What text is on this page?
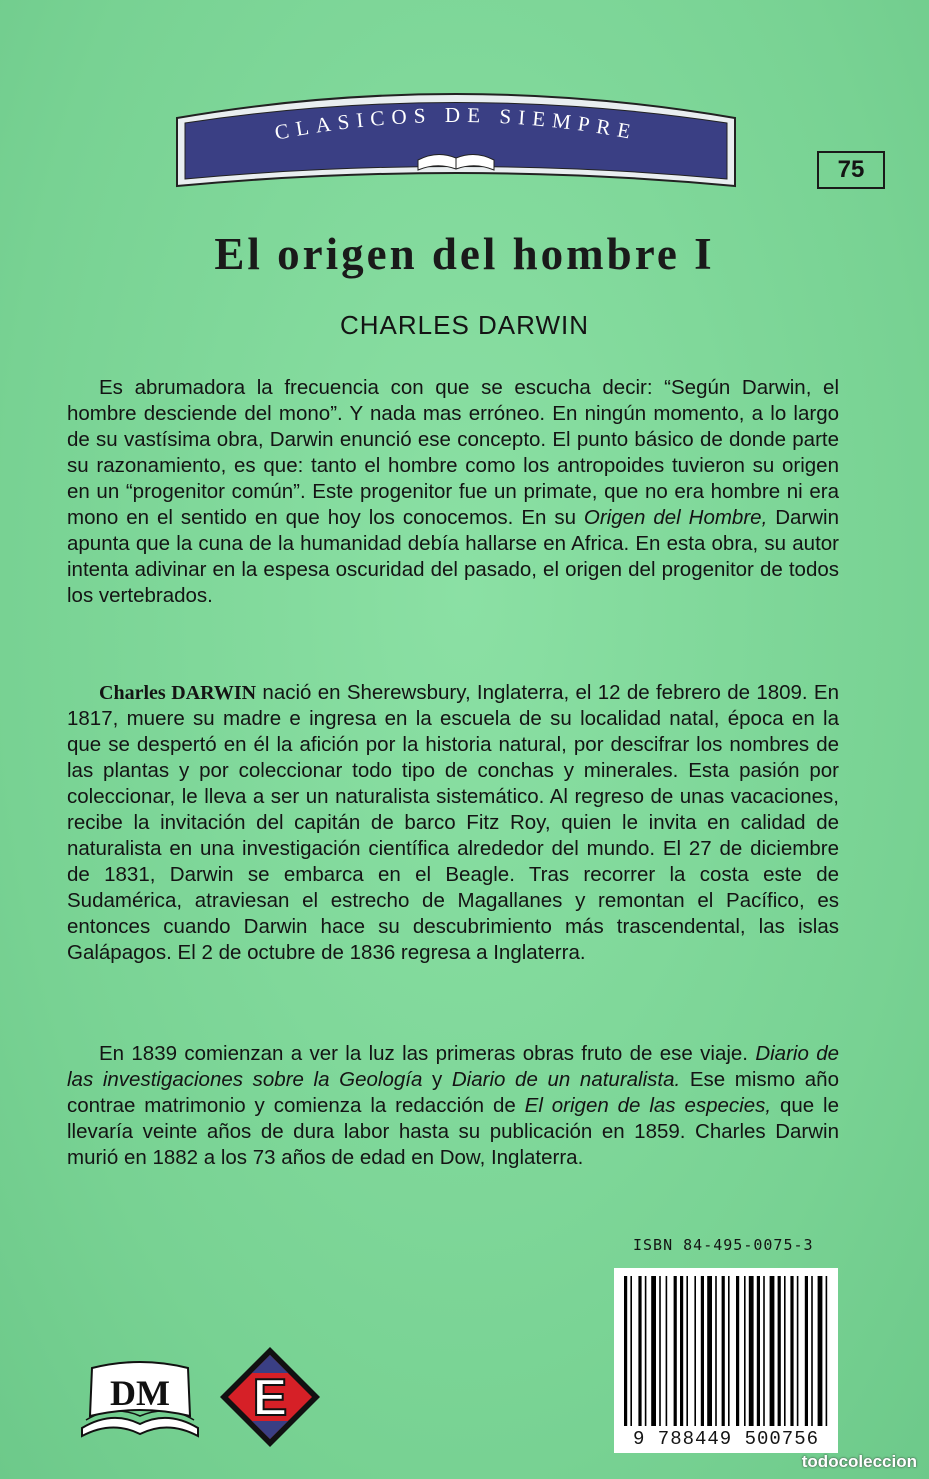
CLASICOS DE SIEMPRE
75
El origen del hombre I
CHARLES DARWIN
Es abrumadora la frecuencia con que se escucha decir: “Según Darwin, el hombre desciende del mono”. Y nada mas erróneo. En ningún momento, a lo largo de su vastísima obra, Darwin enunció ese concepto. El punto básico de donde parte su razonamiento, es que: tanto el hombre como los antropoides tuvieron su origen en un “progenitor común”. Este progenitor fue un primate, que no era hombre ni era mono en el sentido en que hoy los conocemos. En su Origen del Hombre, Darwin apunta que la cuna de la humanidad debía hallarse en Africa. En esta obra, su autor intenta adivinar en la espesa oscuridad del pasado, el origen del progenitor de todos los vertebrados.
Charles DARWIN nació en Sherewsbury, Inglaterra, el 12 de febrero de 1809. En 1817, muere su madre e ingresa en la escuela de su localidad natal, época en la que se despertó en él la afición por la historia natural, por descifrar los nombres de las plantas y por coleccionar todo tipo de conchas y minerales. Esta pasión por coleccionar, le lleva a ser un naturalista sistemático. Al regreso de unas vacaciones, recibe la invitación del capitán de barco Fitz Roy, quien le invita en calidad de naturalista en una investigación científica alrededor del mundo. El 27 de diciembre de 1831, Darwin se embarca en el Beagle. Tras recorrer la costa este de Sudamérica, atraviesan el estrecho de Magallanes y remontan el Pacífico, es entonces cuando Darwin hace su descubrimiento más trascendental, las islas Galápagos. El 2 de octubre de 1836 regresa a Inglaterra.
En 1839 comienzan a ver la luz las primeras obras fruto de ese viaje. Diario de las investigaciones sobre la Geología y Diario de un naturalista. Ese mismo año contrae matrimonio y comienza la redacción de El origen de las especies, que le llevaría veinte años de dura labor hasta su publicación en 1859. Charles Darwin murió en 1882 a los 73 años de edad en Dow, Inglaterra.
ISBN 84-495-0075-3
9 788449 500756
DM E
todocoleccion
